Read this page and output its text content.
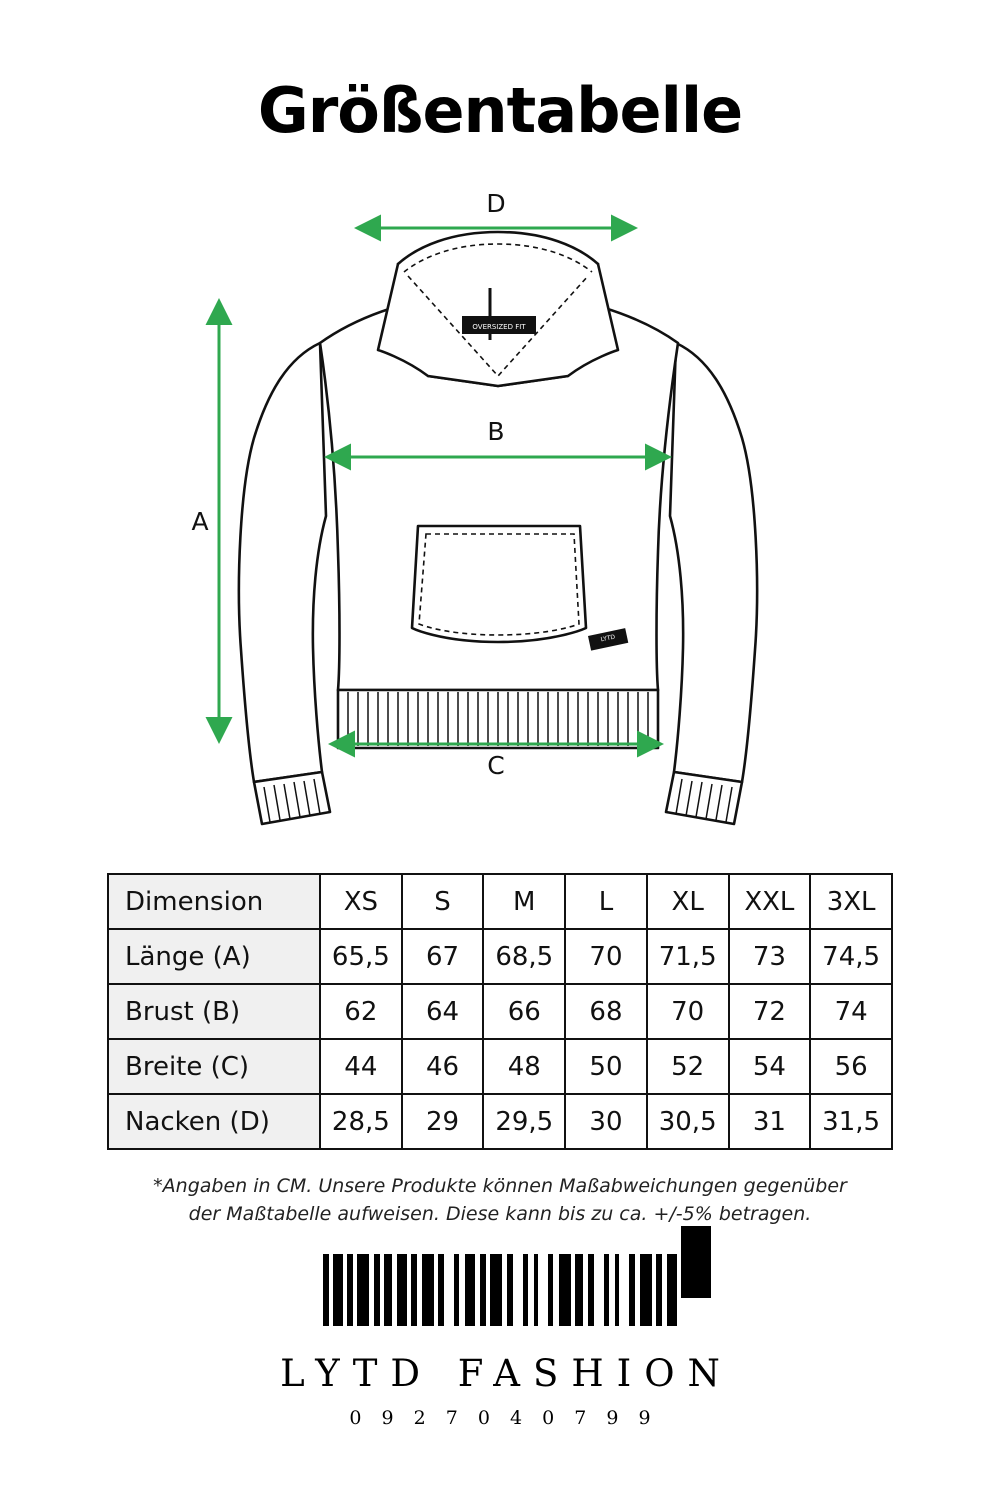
Größentabelle
OVERSIZED FIT
LYTD
D
B
C
A
Dimension	XS	S	M	L	XL	XXL	3XL
Länge (A)	65,5	67	68,5	70	71,5	73	74,5
Brust (B)	62	64	66	68	70	72	74
Breite (C)	44	46	48	50	52	54	56
Nacken (D)	28,5	29	29,5	30	30,5	31	31,5
*Angaben in CM. Unsere Produkte können Maßabweichungen gegenüber
der Maßtabelle aufweisen. Diese kann bis zu ca. +/-5% betragen.
®
LYTD FASHION
0 9 2 7 0 4 0 7 9 9
